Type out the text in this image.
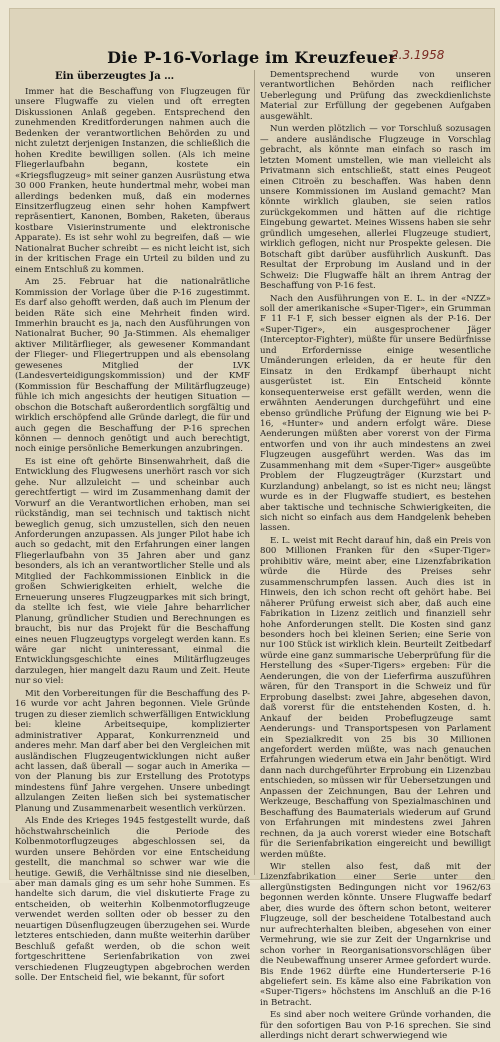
Die P-16-Vorlage im Kreuzfeuer
2.3.1958
Ein überzeugtes Ja …

Immer hat die Beschaffung von Flugzeugen für unsere Flugwaffe zu vielen und oft erregten Diskussionen Anlaß gegeben. Entsprechend den zunehmenden Kreditforderungen nahmen auch die Bedenken der verantwortlichen Behörden zu und nicht zuletzt derjenigen Instanzen, die schließlich die hohen Kredite bewilligen sollen. (Als ich meine Fliegerlaufbahn begann, kostete ein «Kriegsflugzeug» mit seiner ganzen Ausrüstung etwa 30 000 Franken, heute hundertmal mehr, wobei man allerdings bedenken muß, daß ein modernes Einsitzerflugzeug einen sehr hohen Kampfwert repräsentiert, Kanonen, Bomben, Raketen, überaus kostbare Visierinstrumente und elektronische Apparate). Es ist sehr wohl zu begreifen, daß — wie Nationalrat Bucher schreibt — es nicht leicht ist, sich in der kritischen Frage ein Urteil zu bilden und zu einem Entschluß zu kommen.

Am 25. Februar hat die nationalrätliche Kommission der Vorlage über die P-16 zugestimmt. Es darf also gehofft werden, daß auch im Plenum der beiden Räte sich eine Mehrheit finden wird. Immerhin braucht es ja, nach den Ausführungen von Nationalrat Bucher, 90 Ja-Stimmen. Als ehemaliger aktiver Militärflieger, als gewesener Kommandant der Flieger- und Fliegertruppen und als ebensolang gewesenes Mitglied der LVK (Landesverteidigungskommission) und der KMF (Kommission für Beschaffung der Militärflugzeuge) fühle ich mich angesichts der heutigen Situation — obschon die Botschaft außerordentlich sorgfältig und wirklich erschöpfend alle Gründe darlegt, die für und auch gegen die Beschaffung der P-16 sprechen können — dennoch genötigt und auch berechtigt, noch einige persönliche Bemerkungen anzubringen.

Es ist eine oft gehörte Binsenwahrheit, daß die Entwicklung des Flugwesens unerhört rasch vor sich gehe. Nur allzuleicht — und scheinbar auch gerechtfertigt — wird im Zusammenhang damit der Vorwurf an die Verantwortlichen erhoben, man sei rückständig, man sei technisch und taktisch nicht beweglich genug, sich umzustellen, sich den neuen Anforderungen anzupassen. Als junger Pilot habe ich auch so gedacht, mit den Erfahrungen einer langen Fliegerlaufbahn von 35 Jahren aber und ganz besonders, als ich an verantwortlicher Stelle und als Mitglied der Fachkommissionen Einblick in die großen Schwierigkeiten erhielt, welche die Erneuerung unseres Flugzeugparkes mit sich bringt, da stellte ich fest, wie viele Jahre beharrlicher Planung, gründlicher Studien und Berechnungen es braucht, bis nur das Projekt für die Beschaffung eines neuen Flugzeugtyps vorgelegt werden kann. Es wäre gar nicht uninteressant, einmal die Entwicklungsgeschichte eines Militärflugzeuges darzulegen, hier mangelt dazu Raum und Zeit. Heute nur so viel:

Mit den Vorbereitungen für die Beschaffung des P-16 wurde vor acht Jahren begonnen. Viele Gründe trugen zu dieser ziemlich schwerfälligen Entwicklung bei: kleine Arbeitsequipe, komplizierter administrativer Apparat, Konkurrenzneid und anderes mehr. Man darf aber bei den Vergleichen mit ausländischen Flugzeugentwicklungen nicht außer acht lassen, daß überall — sogar auch in Amerika — von der Planung bis zur Erstellung des Prototyps mindestens fünf Jahre vergehen. Unsere unbedingt allzulangen Zeiten ließen sich bei systematischer Planung und Zusammenarbeit wesentlich verkürzen.

Als Ende des Krieges 1945 festgestellt wurde, daß höchstwahrscheinlich die Periode des Kolbenmotorflugzeuges abgeschlossen sei, da wurden unsere Behörden vor eine Entscheidung gestellt, die manchmal so schwer war wie die heutige. Gewiß, die Verhältnisse sind nie dieselben, aber man damals ging es um sehr hohe Summen. Es handelte sich darum, die viel diskutierte Frage zu entscheiden, ob weiterhin Kolbenmotorflugzeuge verwendet werden sollten oder ob besser zu den neuartigen Düsenflugzeugen überzugehen sei. Wurde letzteres entschieden, dann mußte weiterhin darüber Beschluß gefaßt werden, ob die schon weit fortgeschrittene Serienfabrikation von zwei verschiedenen Flugzeugtypen abgebrochen werden solle. Der Entscheid fiel, wie bekannt, für sofort

Dementsprechend wurde von unseren verantwortlichen Behörden nach reiflicher Ueberlegung und Prüfung das zweckdienlichste Material zur Erfüllung der gegebenen Aufgaben ausgewählt.

Nun werden plötzlich — vor Torschluß sozusagen — andere ausländische Flugzeuge in Vorschlag gebracht, als könnte man einfach so rasch im letzten Moment umstellen, wie man vielleicht als Privatmann sich entschließt, statt eines Peugeot einen Citroën zu beschaffen. Was haben denn unsere Kommissionen im Ausland gemacht? Man könnte wirklich glauben, sie seien ratlos zurückgekommen und hätten auf die richtige Eingebung gewartet. Meines Wissens haben sie sehr gründlich umgesehen, allerlei Flugzeuge studiert, wirklich geflogen, nicht nur Prospekte gelesen. Die Botschaft gibt darüber ausführlich Auskunft. Das Resultat der Erprobung im Ausland und in der Schweiz: Die Flugwaffe hält an ihrem Antrag der Beschaffung von P-16 fest.

Nach den Ausführungen von E. L. in der «NZZ» soll der amerikanische «Super-Tiger», ein Grumman F 11 F-1 F, sich besser eignen als der P-16. Der «Super-Tiger», ein ausgesprochener Jäger (Interceptor-Fighter), müßte für unsere Bedürfnisse und Erfordernisse einige wesentliche Umänderungen erleiden, da er heute für den Einsatz in den Erdkampf überhaupt nicht ausgerüstet ist. Ein Entscheid könnte konsequenterweise erst gefällt werden, wenn die erwähnten Aenderungen durchgeführt und eine ebenso gründliche Prüfung der Eignung wie bei P-16, «Hunter» und andern erfolgt wäre. Diese Aenderungen müßten aber vorerst von der Firma entworfen und von ihr auch mindestens an zwei Flugzeugen ausgeführt werden. Was das im Zusammenhang mit dem «Super-Tiger» ausgeübte Problem der Flugzeugträger (Kurzstart und Kurzlandung) anbelangt, so ist es nicht neu; längst wurde es in der Flugwaffe studiert, es bestehen aber taktische und technische Schwierigkeiten, die sich nicht so einfach aus dem Handgelenk beheben lassen.

E. L. weist mit Recht darauf hin, daß ein Preis von 800 Millionen Franken für den «Super-Tiger» prohibitiv wäre, meint aber, eine Lizenzfabrikation würde die Hürde des Preises sehr zusammenschrumpfen lassen. Auch dies ist in Hinweis, den ich schon recht oft gehört habe. Bei näherer Prüfung erweist sich aber, daß auch eine Fabrikation in Lizenz zeitlich und finanziell sehr hohe Anforderungen stellt. Die Kosten sind ganz besonders hoch bei kleinen Serien; eine Serie von nur 100 Stück ist wirklich klein. Beurteilt Zeitbedarf würde eine ganz summarische Ueberprüfung für die Herstellung des «Super-Tigers» ergeben: Für die Aenderungen, die von der Lieferfirma auszuführen wären, für den Transport in die Schweiz und für Erprobung daselbst: zwei Jahre, abgesehen davon, daß vorerst für die entstehenden Kosten, d. h. Ankauf der beiden Probeflugzeuge samt Aenderungs- und Transportspesen von Parlament ein Spezialkredit von 25 bis 30 Millionen angefordert werden müßte, was nach genauchen Erfahrungen wiederum etwa ein Jahr benötigt. Wird dann nach durchgeführter Erprobung ein Lizenzbau entschieden, so müssen wir für Uebersetzungen und Anpassen der Zeichnungen, Bau der Lehren und Werkzeuge, Beschaffung von Spezialmaschinen und Beschaffung des Baumaterials wiederum auf Grund von Erfahrungen mit mindestens zwei Jahren rechnen, da ja auch vorerst wieder eine Botschaft für die Serienfabrikation eingereicht und bewilligt werden müßte.

Wir stellen also fest, daß mit der Lizenzfabrikation einer Serie unter den allergünstigsten Bedingungen nicht vor 1962/63 begonnen werden könnte. Unsere Flugwaffe bedarf aber, dies wurde des öftern schon betont, weiterer Flugzeuge, soll der bescheidene Totalbestand auch nur aufrechterhalten bleiben, abgesehen von einer Vermehrung, wie sie zur Zeit der Ungarnkrise und schon vorher in Reorganisationsvorschlägen über die Neubewaffnung unserer Armee gefordert wurde. Bis Ende 1962 dürfte eine Hunderterserie P-16 abgeliefert sein. Es käme also eine Fabrikation von «Super-Tigers» höchstens im Anschluß an die P-16 in Betracht.

Es sind aber noch weitere Gründe vorhanden, die für den sofortigen Bau von P-16 sprechen. Sie sind allerdings nicht derart schwerwiegend wie
